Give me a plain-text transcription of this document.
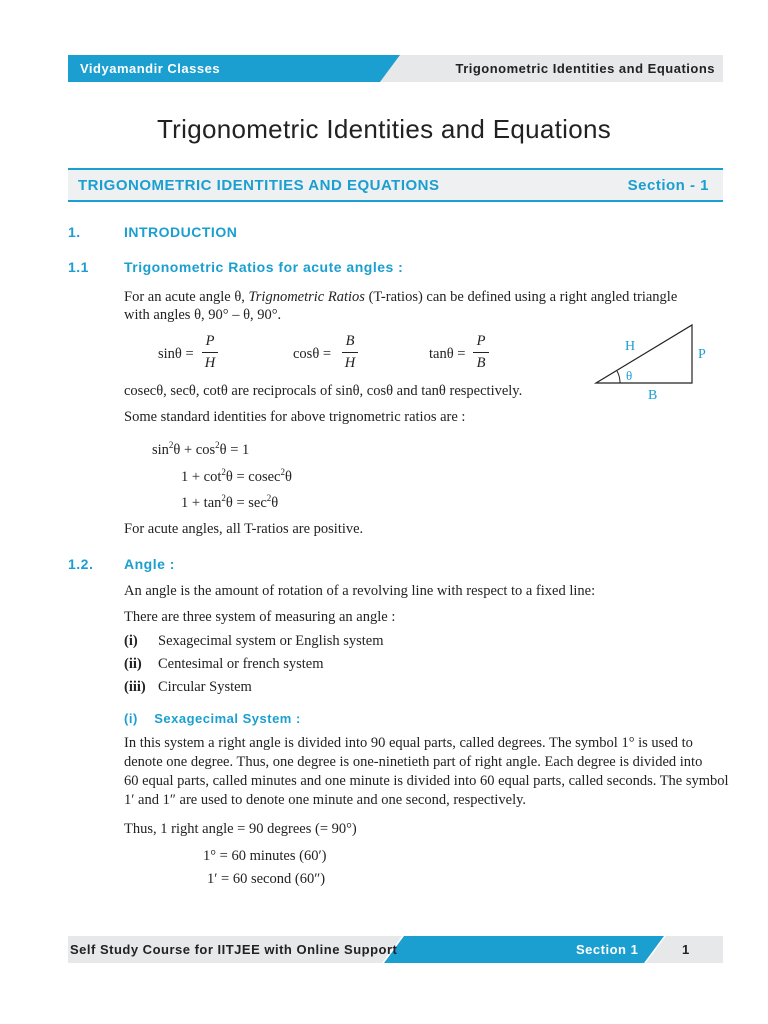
Trigonometric Identities and Equations
Vidyamandir Classes
Trigonometric Identities and Equations
TRIGONOMETRIC IDENTITIES AND EQUATIONS	Section - 1
1.	INTRODUCTION
1.1	Trigonometric Ratios for acute angles :
For an acute angle θ, Trignometric Ratios (T-ratios) can be defined using a right angled triangle
with angles θ, 90° – θ, 90°.
sinθ =
P
H
cosθ =
B
H
tanθ =
P
B
H
P
B
θ
cosecθ, secθ, cotθ are reciprocals of sinθ, cosθ and tanθ respectively.
Some standard identities for above trignometric ratios are :
$\sin^2\theta + \cos^2\theta = 1$
$1 + \cot^2\theta = cosec^2\theta$
$1 + \tan^2\theta = \sec^2\theta$
For acute angles, all T-ratios are positive.
1.2. Angle :
An angle is the amount of rotation of a revolving line with respect to a fixed line:
There are three system of measuring an angle :
(i) Sexagecimal system or English system
(ii) Centesimal or french system
(iii) Circular System
(i)    Sexagecimal System :
In this system a right angle is divided into 90 equal parts, called degrees. The symbol 1° is used to
denote one degree. Thus, one degree is one-ninetieth part of right angle. Each degree is divided into
60 equal parts, called minutes and one minute is divided into 60 equal parts, called seconds. The symbol
1′ and 1″ are used to denote one minute and one second, respectively.
Thus, 1 right angle = 90 degrees (= 90°)
1° = 60 minutes (60′)
1′ = 60 second (60″)
Self Study Course for IITJEE with Online Support	Section 1	1
